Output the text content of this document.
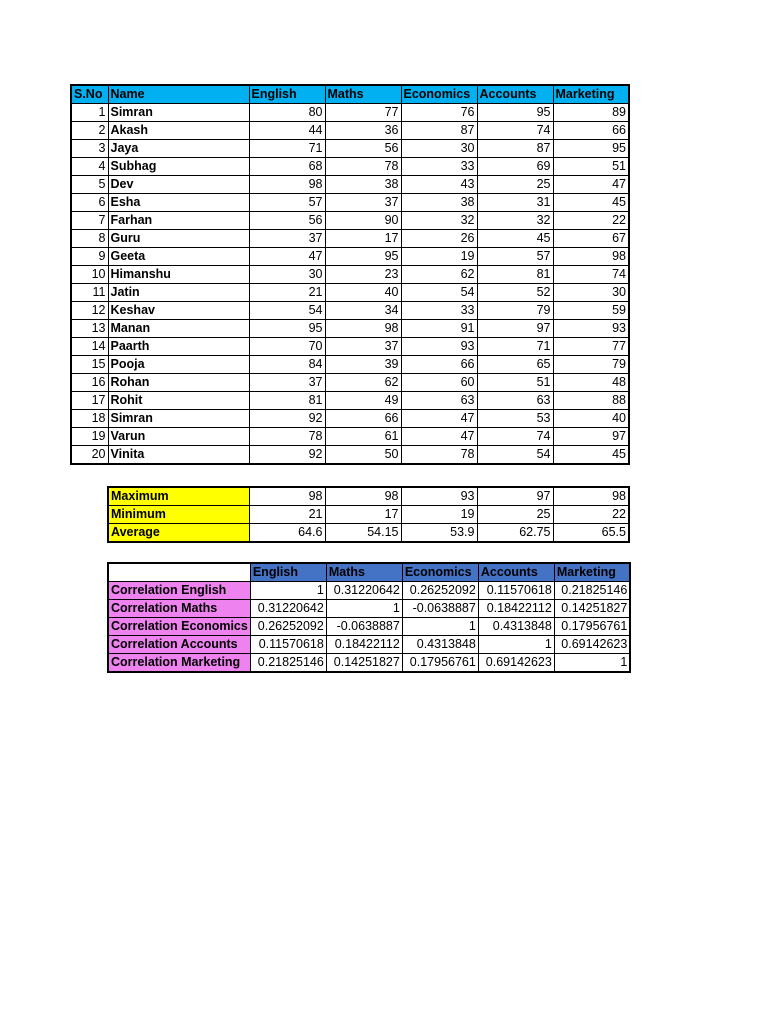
S.No	Name	English	Maths	Economics	Accounts	Marketing
1	Simran	80	77	76	95	89
2	Akash	44	36	87	74	66
3	Jaya	71	56	30	87	95
4	Subhag	68	78	33	69	51
5	Dev	98	38	43	25	47
6	Esha	57	37	38	31	45
7	Farhan	56	90	32	32	22
8	Guru	37	17	26	45	67
9	Geeta	47	95	19	57	98
10	Himanshu	30	23	62	81	74
11	Jatin	21	40	54	52	30
12	Keshav	54	34	33	79	59
13	Manan	95	98	91	97	93
14	Paarth	70	37	93	71	77
15	Pooja	84	39	66	65	79
16	Rohan	37	62	60	51	48
17	Rohit	81	49	63	63	88
18	Simran	92	66	47	53	40
19	Varun	78	61	47	74	97
20	Vinita	92	50	78	54	45
Maximum	98	98	93	97	98
Minimum	21	17	19	25	22
Average	64.6	54.15	53.9	62.75	65.5
	English	Maths	Economics	Accounts	Marketing
Correlation English	1	0.31220642	0.26252092	0.11570618	0.21825146
Correlation Maths	0.31220642	1	-0.0638887	0.18422112	0.14251827
Correlation Economics	0.26252092	-0.0638887	1	0.4313848	0.17956761
Correlation Accounts	0.11570618	0.18422112	0.4313848	1	0.69142623
Correlation Marketing	0.21825146	0.14251827	0.17956761	0.69142623	1
